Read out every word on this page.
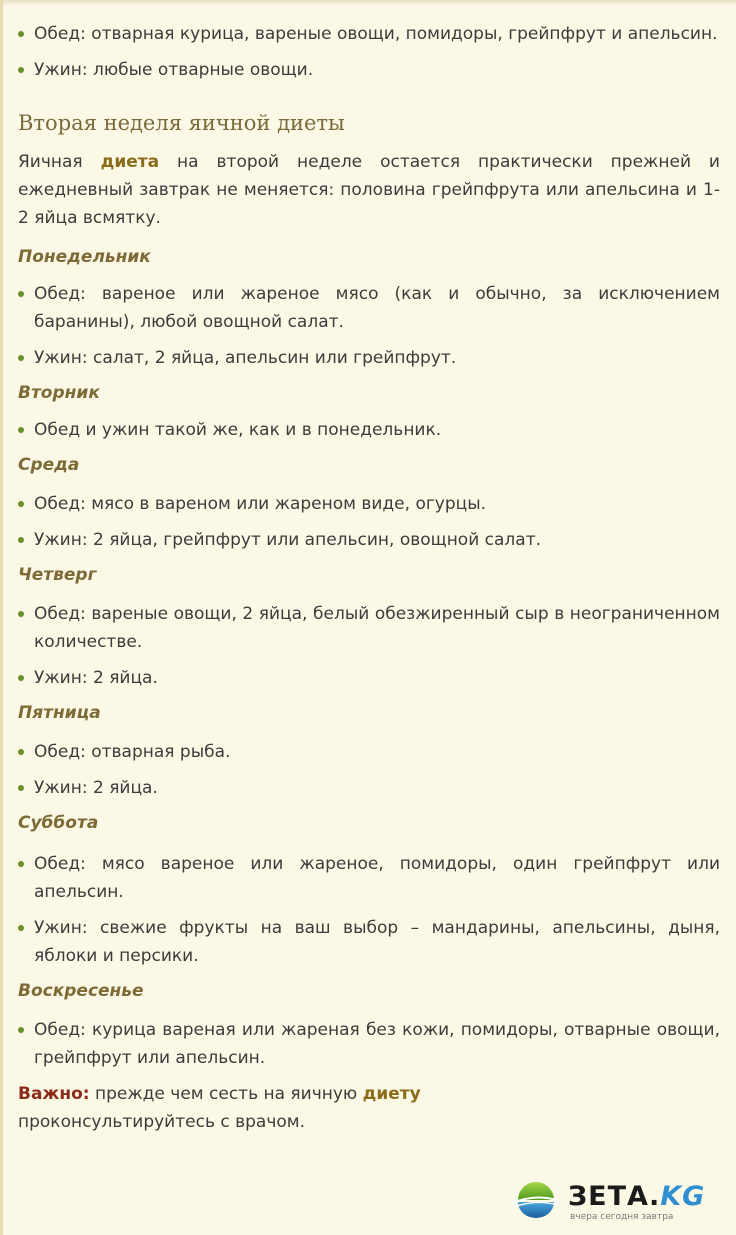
Обед: отварная курица, вареные овощи, помидоры, грейпфрут и апельсин.
Ужин: любые отварные овощи.
Вторая неделя яичной диеты

Яичная диета на второй неделе остается практически прежней и ежедневный завтрак не меняется: половина грейпфрута или апельсина и 1-2 яйца всмятку.

Понедельник
Обед: вареное или жареное мясо (как и обычно, за исключением баранины), любой овощной салат.
Ужин: салат, 2 яйца, апельсин или грейпфрут.
Вторник
Обед и ужин такой же, как и в понедельник.
Среда
Обед: мясо в вареном или жареном виде, огурцы.
Ужин: 2 яйца, грейпфрут или апельсин, овощной салат.
Четверг
Обед: вареные овощи, 2 яйца, белый обезжиренный сыр в неограниченном количестве.
Ужин: 2 яйца.
Пятница
Обед: отварная рыба.
Ужин: 2 яйца.
Суббота
Обед: мясо вареное или жареное, помидоры, один грейпфрут или апельсин.
Ужин: свежие фрукты на ваш выбор – мандарины, апельсины, дыня, яблоки и персики.
Воскресенье
Обед: курица вареная или жареная без кожи, помидоры, отварные овощи, грейпфрут или апельсин.

Важно: прежде чем сесть на яичную диету проконсультируйтесь с врачом.

ЗЕТА.KG
вчера сегодня завтра
